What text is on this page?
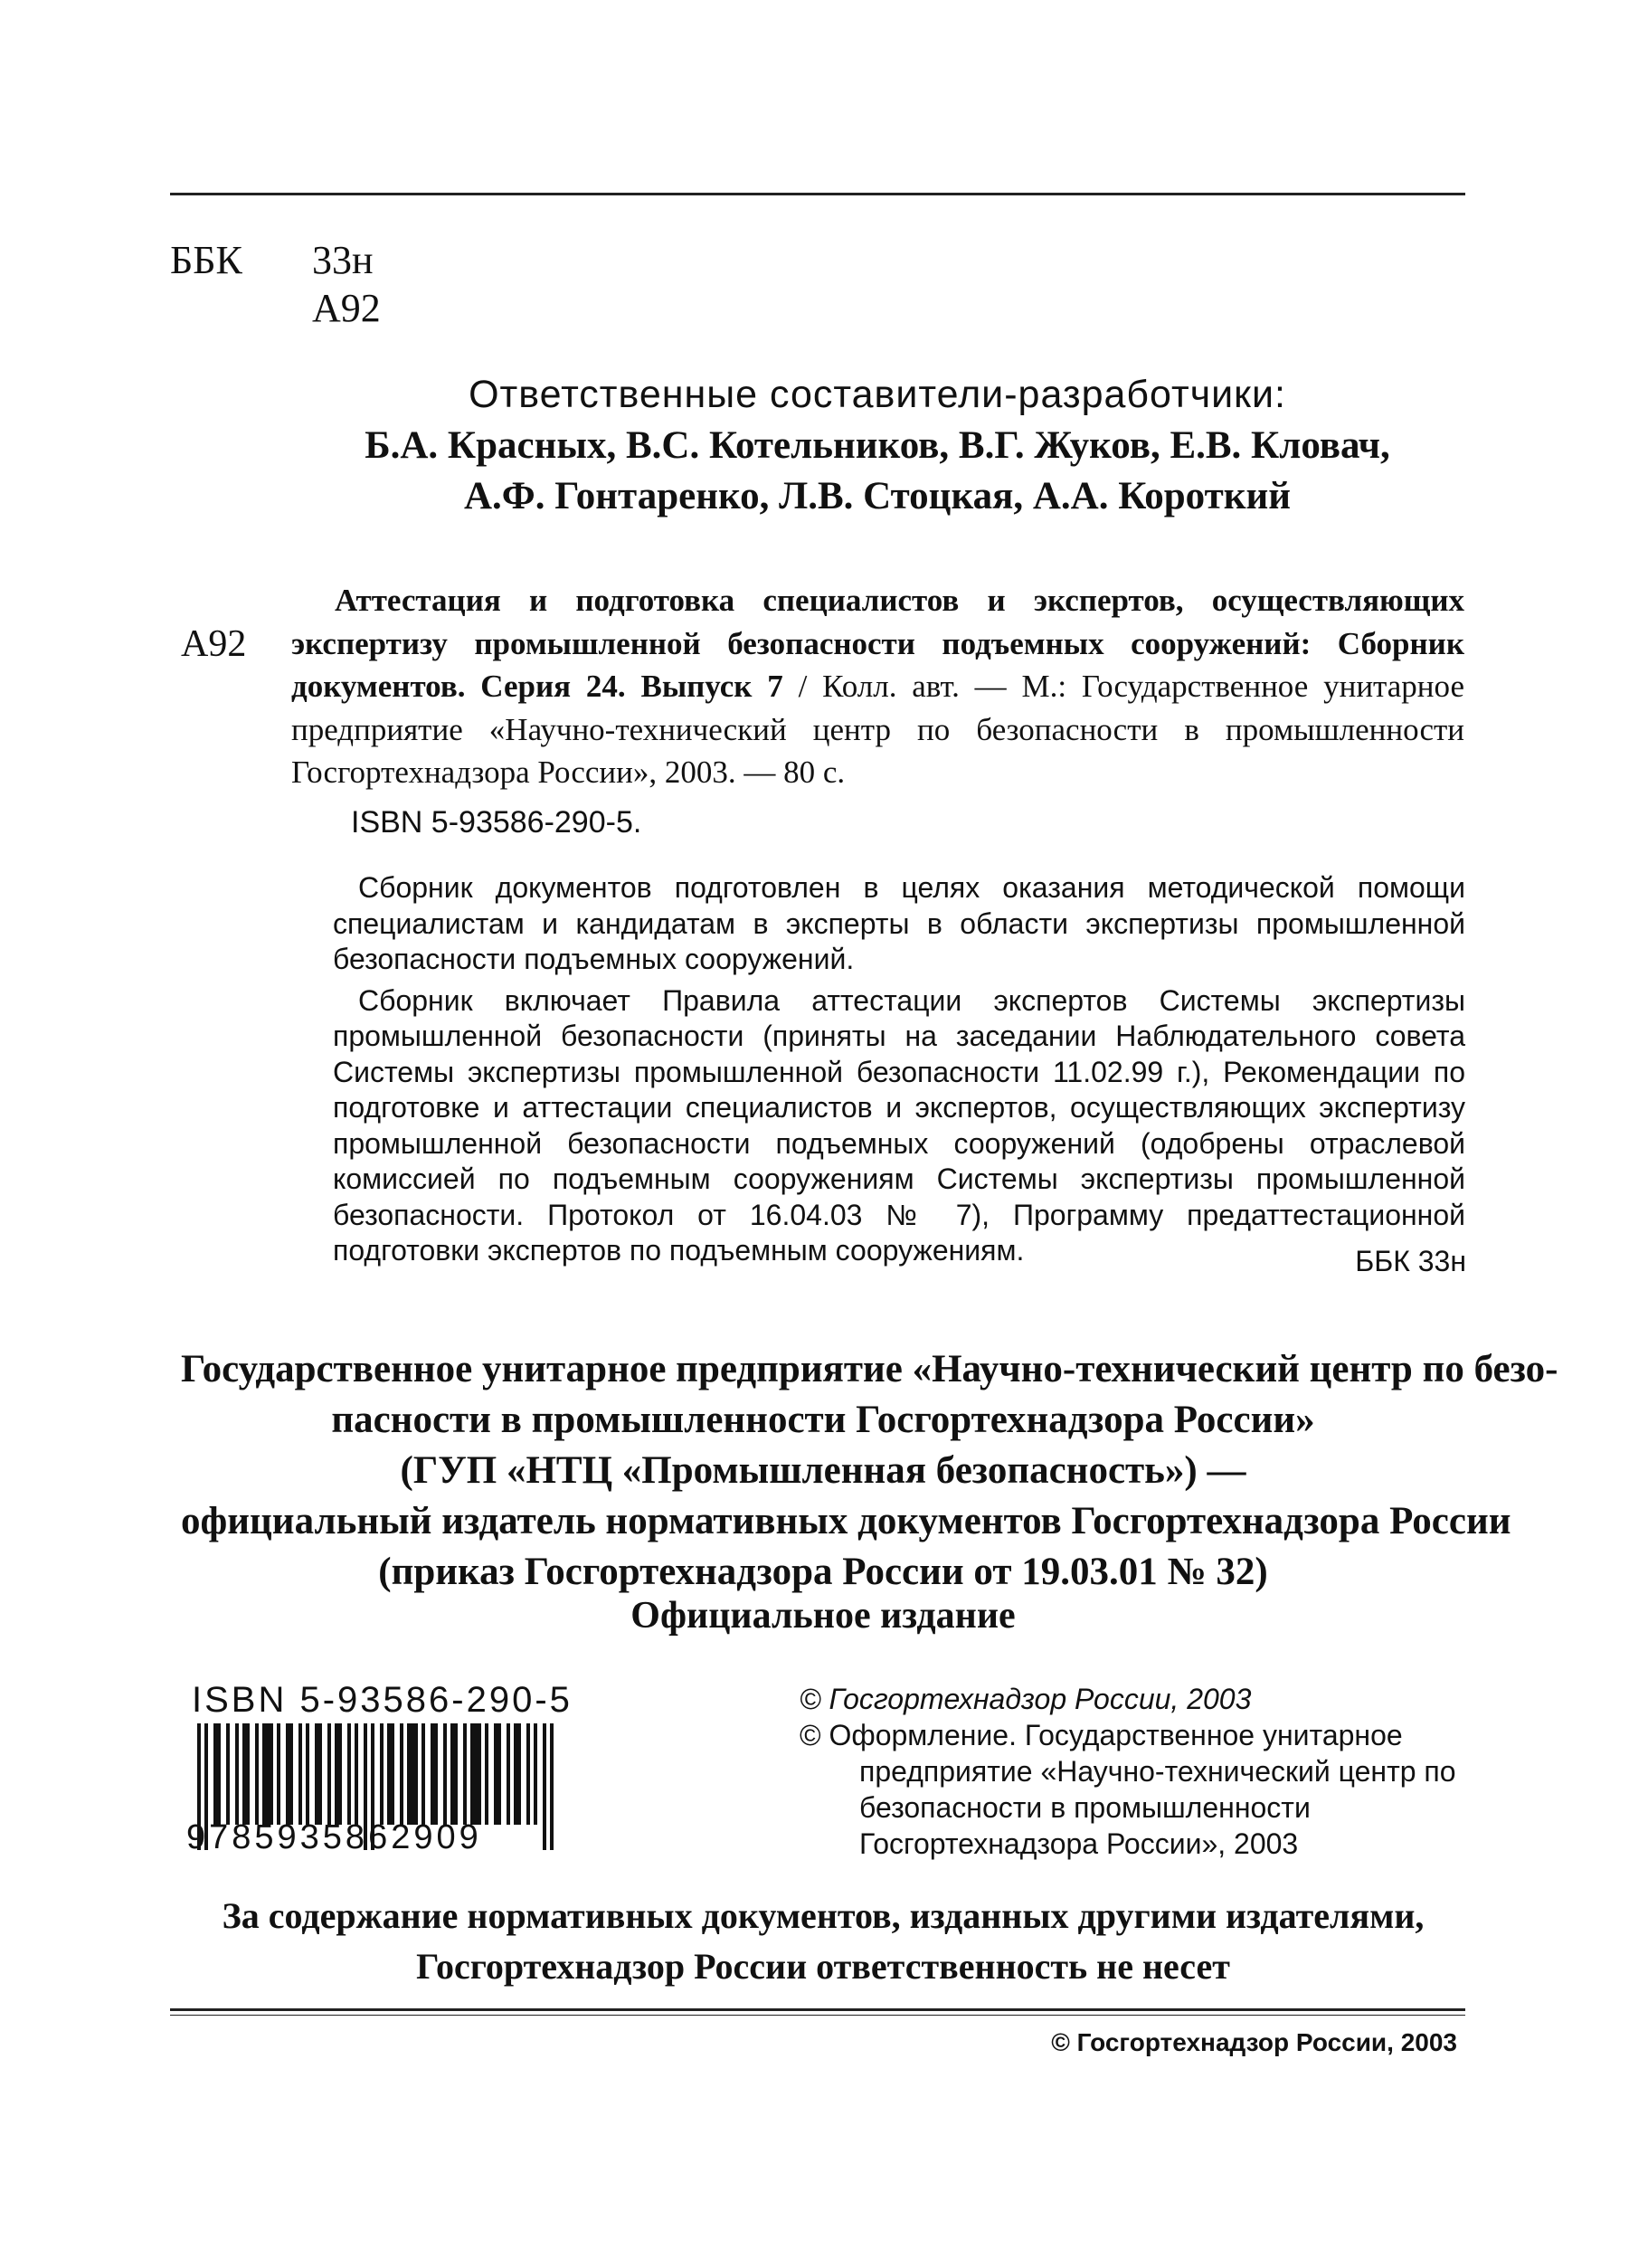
ББК 33н
А92
Ответственные составители-разработчики:
Б.А. Красных, В.С. Котельников, В.Г. Жуков, Е.В. Кловач,
А.Ф. Гонтаренко, Л.В. Стоцкая, А.А. Короткий
А92
Аттестация и подготовка специалистов и экспертов, осуществляющих экспертизу промышленной безопасности подъемных сооружений: Сборник документов. Серия 24. Выпуск 7 / Колл. авт. — М.: Государственное унитарное предприятие «Научно-технический центр по безопасности в промышленности Госгортехнадзора России», 2003. — 80 с.
ISBN 5-93586-290-5.

Сборник документов подготовлен в целях оказания методической помощи специалистам и кандидатам в эксперты в области экспертизы промышленной безопасности подъемных сооружений.

Сборник включает Правила аттестации экспертов Системы экспертизы промышленной безопасности (приняты на заседании Наблюдательного совета Системы экспертизы промышленной безопасности 11.02.99 г.), Рекомендации по подготовке и аттестации специалистов и экспертов, осуществляющих экспертизу промышленной безопасности подъемных сооружений (одобрены отраслевой комиссией по подъемным сооружениям Системы экспертизы промышленной безопасности. Протокол от 16.04.03 № 7), Программу предаттестационной подготовки экспертов по подъемным сооружениям.	ББК 33н
Государственное унитарное предприятие «Научно-технический центр по безо-
пасности в промышленности Госгортехнадзора России»
(ГУП «НТЦ «Промышленная безопасность») —
официальный издатель нормативных документов Госгортехнадзора России
(приказ Госгортехнадзора России от 19.03.01 № 32)
Официальное издание
ISBN 5-93586-290-5
9785935862909
© Госгортехнадзор России, 2003
© Оформление. Государственное унитарное
предприятие «Научно-технический центр по
безопасности в промышленности
Госгортехнадзора России», 2003
За содержание нормативных документов, изданных другими издателями,
Госгортехнадзор России ответственность не несет
© Госгортехнадзор России, 2003
